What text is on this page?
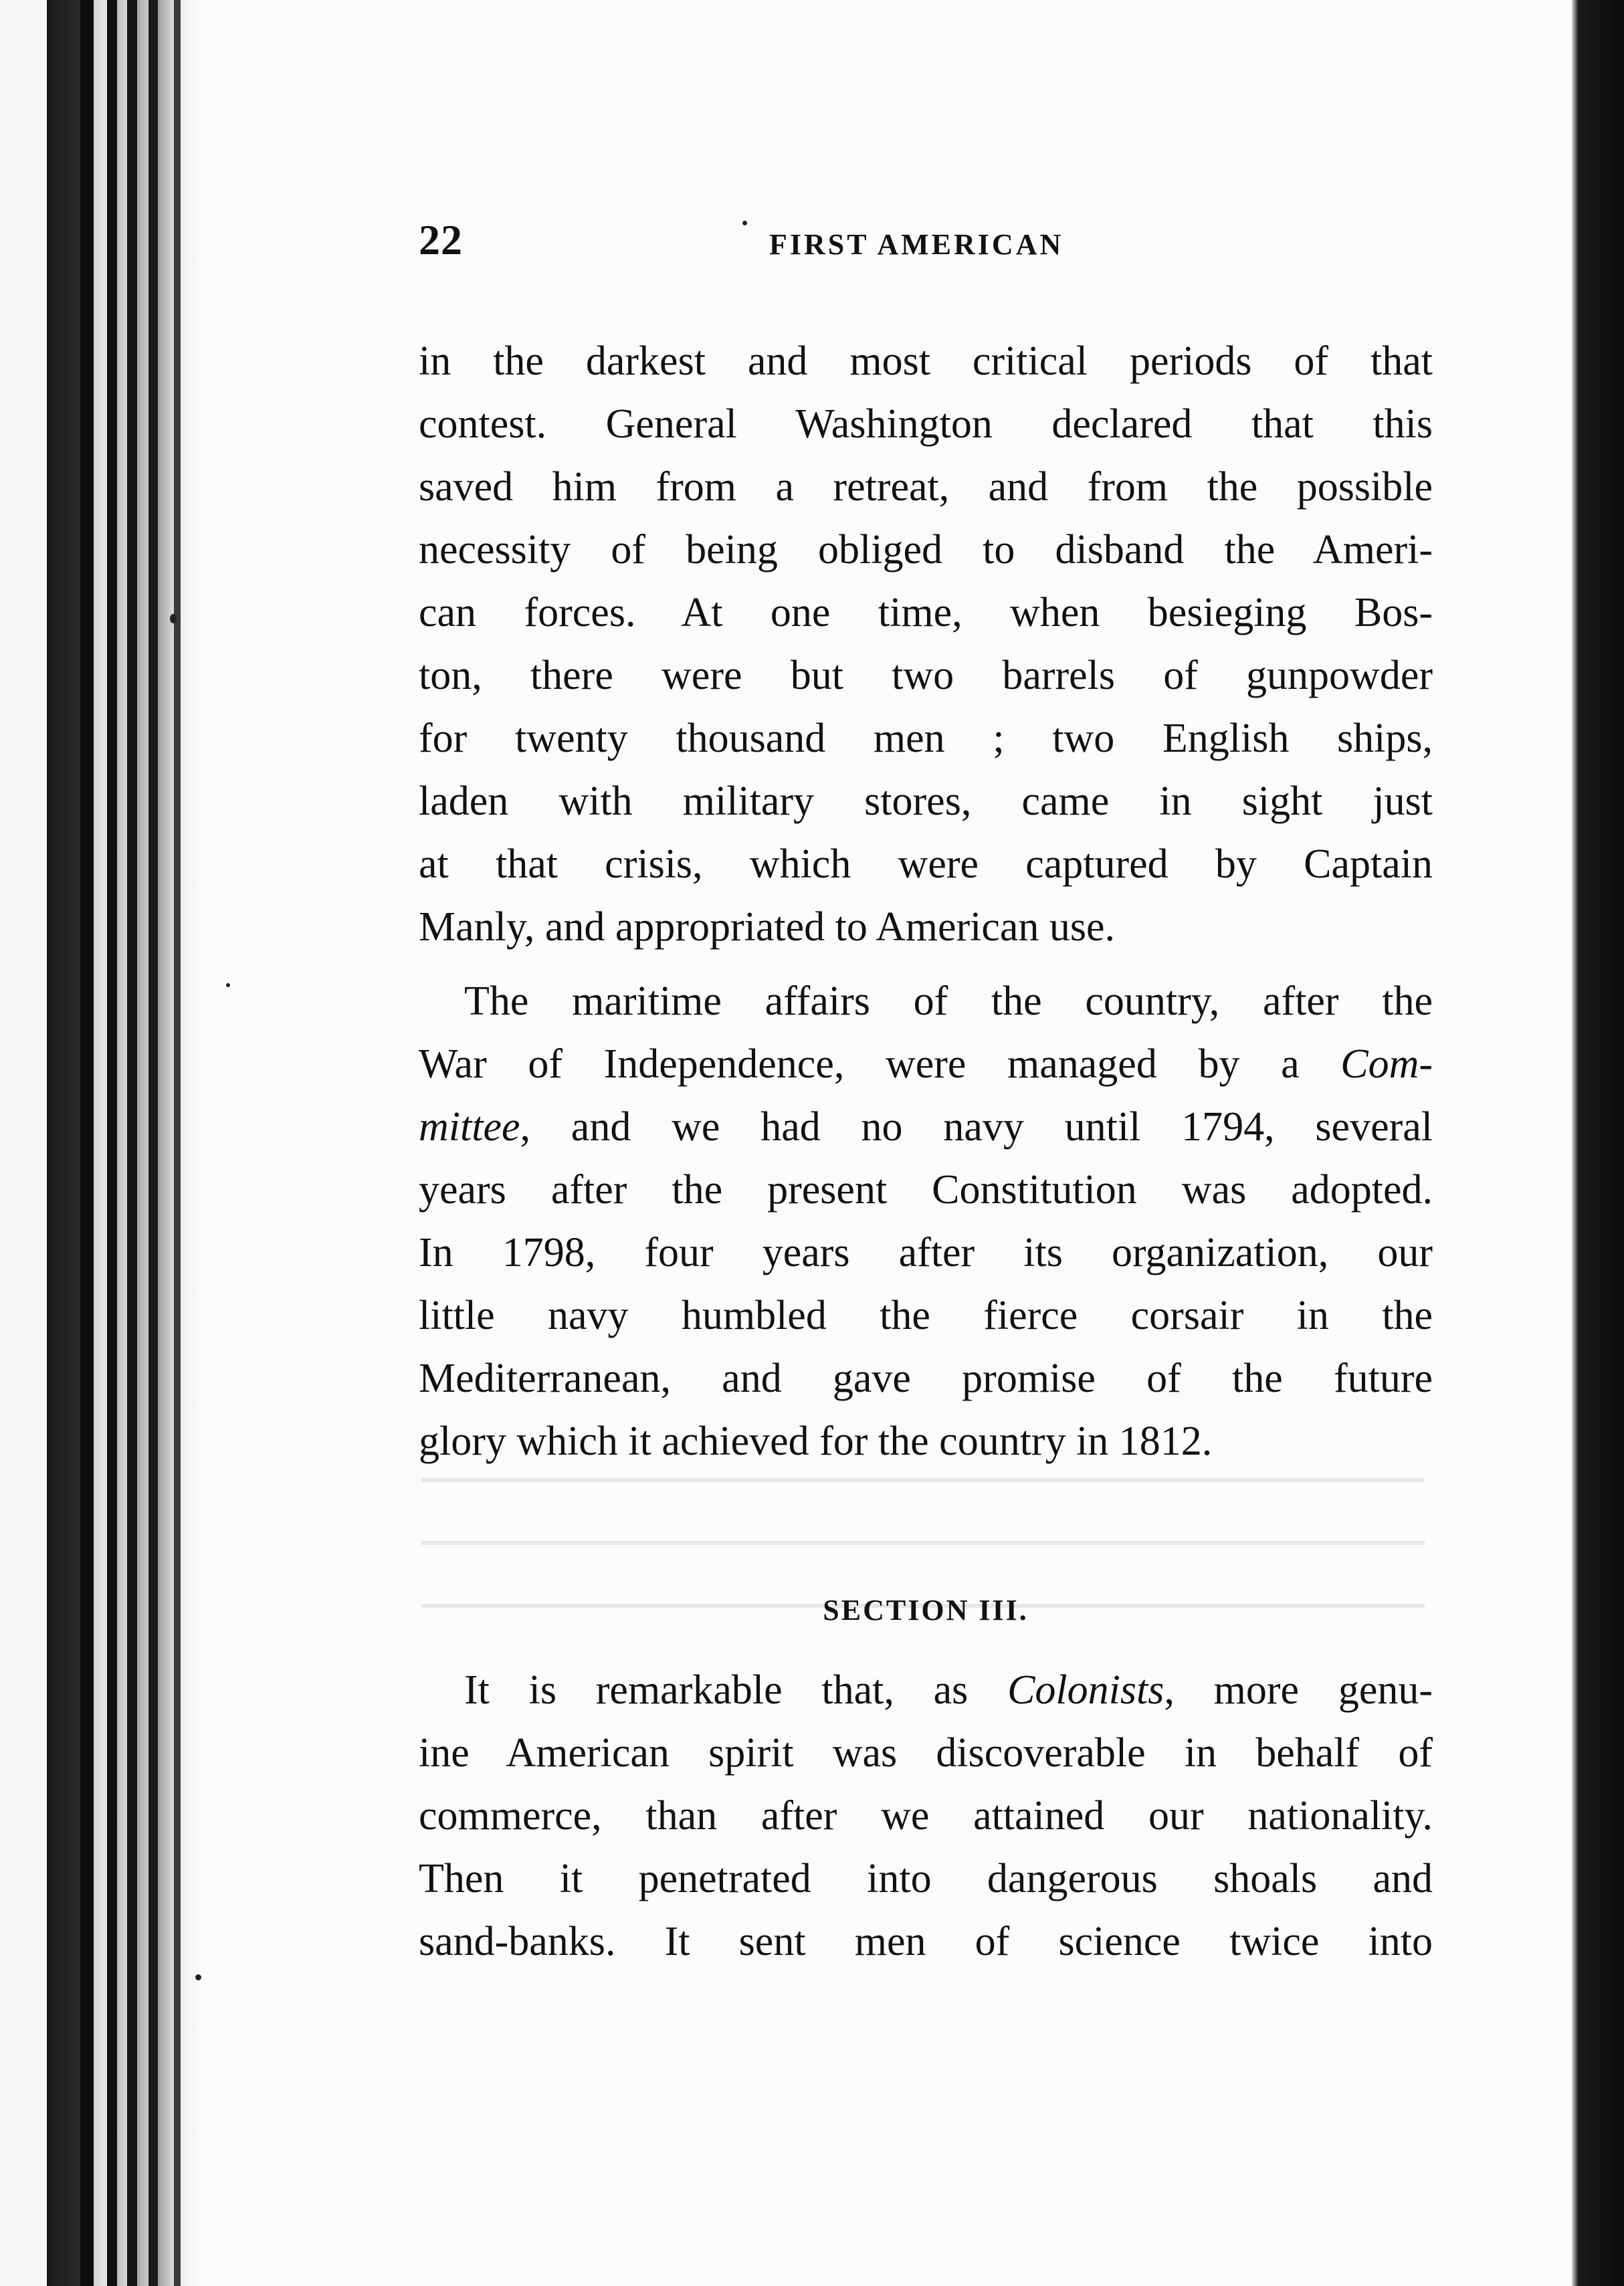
22	FIRST AMERICAN
in the darkest and most critical periods of that
contest. General Washington declared that this
saved him from a retreat, and from the possible
necessity of being obliged to disband the Ameri-
can forces. At one time, when besieging Bos-
ton, there were but two barrels of gunpowder
for twenty thousand men ; two English ships,
laden with military stores, came in sight just
at that crisis, which were captured by Captain
Manly, and appropriated to American use.
The maritime affairs of the country, after the
War of Independence, were managed by a Com-
mittee, and we had no navy until 1794, several
years after the present Constitution was adopted.
In 1798, four years after its organization, our
little navy humbled the fierce corsair in the
Mediterranean, and gave promise of the future
glory which it achieved for the country in 1812.
SECTION III.
It is remarkable that, as Colonists, more genu-
ine American spirit was discoverable in behalf of
commerce, than after we attained our nationality.
Then it penetrated into dangerous shoals and
sand-banks. It sent men of science twice into
